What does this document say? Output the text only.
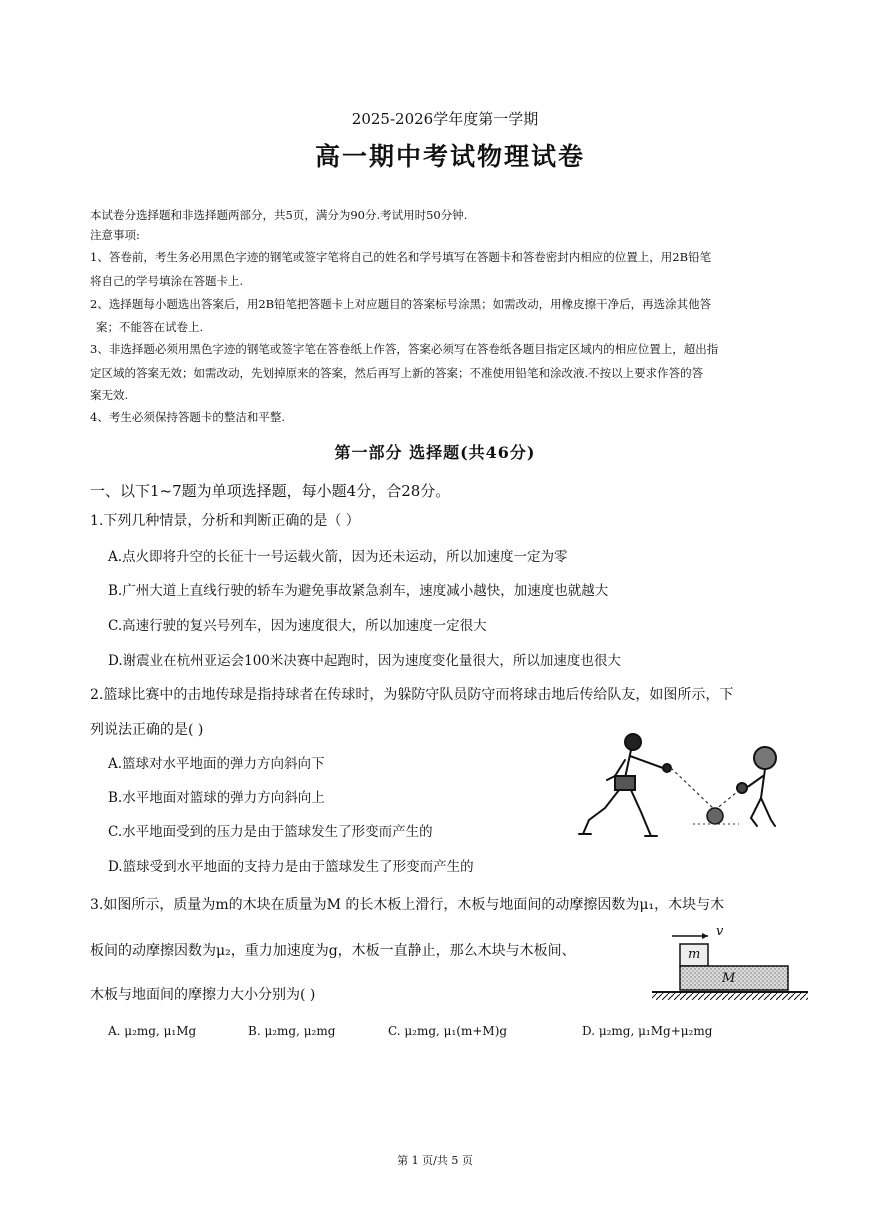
2025-2026学年度第一学期
高一期中考试物理试卷
本试卷分选择题和非选择题两部分，共5页，满分为90分.考试用时50分钟.
注意事项:
1、答卷前，考生务必用黑色字迹的钢笔或签字笔将自己的姓名和学号填写在答题卡和答卷密封内相应的位置上，用2B铅笔
将自己的学号填涂在答题卡上.
2、选择题每小题选出答案后，用2B铅笔把答题卡上对应题目的答案标号涂黑；如需改动，用橡皮擦干净后，再选涂其他答
案；不能答在试卷上.
3、非选择题必须用黑色字迹的钢笔或签字笔在答卷纸上作答，答案必须写在答卷纸各题目指定区域内的相应位置上，超出指
定区域的答案无效；如需改动，先划掉原来的答案，然后再写上新的答案；不准使用铅笔和涂改液.不按以上要求作答的答
案无效.
4、考生必须保持答题卡的整洁和平整.
第一部分 选择题(共46分)
一、以下1~7题为单项选择题，每小题4分，合28分。
1.下列几种情景，分析和判断正确的是（ ）
A.点火即将升空的长征十一号运载火箭，因为还未运动，所以加速度一定为零
B.广州大道上直线行驶的轿车为避免事故紧急刹车，速度减小越快，加速度也就越大
C.高速行驶的复兴号列车，因为速度很大，所以加速度一定很大
D.谢震业在杭州亚运会100米决赛中起跑时，因为速度变化量很大，所以加速度也很大
2.篮球比赛中的击地传球是指持球者在传球时，为躲防守队员防守而将球击地后传给队友，如图所示，下
列说法正确的是( )
A.篮球对水平地面的弹力方向斜向下
B.水平地面对篮球的弹力方向斜向上
C.水平地面受到的压力是由于篮球发生了形变而产生的
D.篮球受到水平地面的支持力是由于篮球发生了形变而产生的
3.如图所示，质量为m的木块在质量为M 的长木板上滑行，木板与地面间的动摩擦因数为μ₁，木块与木
板间的动摩擦因数为μ₂，重力加速度为g，木板一直静止，那么木块与木板间、
木板与地面间的摩擦力大小分别为( )
v
m
M
A. μ₂mg, μ₁Mg	B. μ₂mg, μ₂mg	C. μ₂mg, μ₁(m+M)g	D. μ₂mg, μ₁Mg+μ₂mg
第 1 页/共 5 页
